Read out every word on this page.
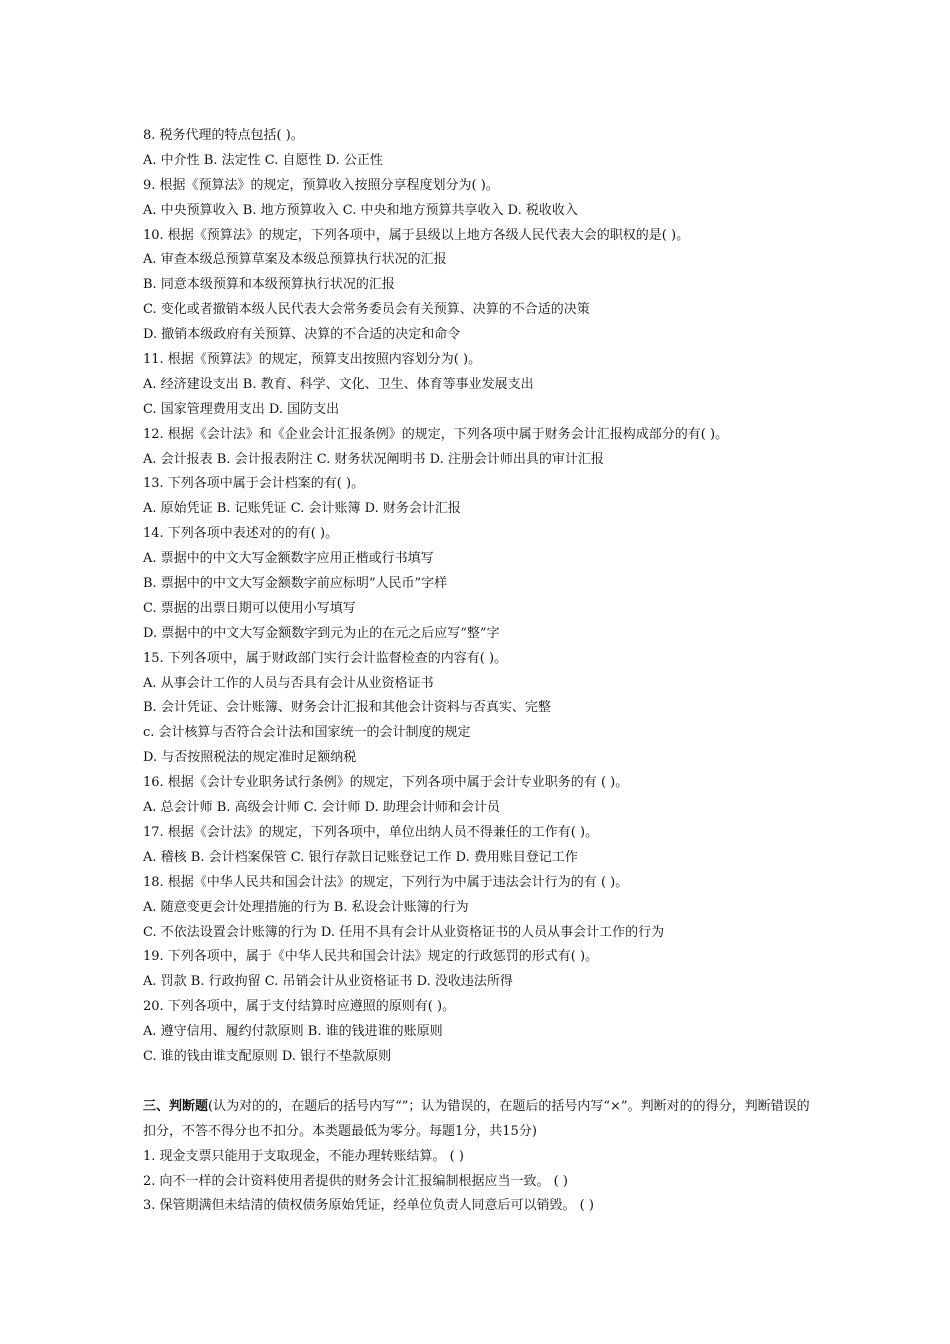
8. 税务代理的特点包括( )。
A. 中介性 B. 法定性 C. 自愿性 D. 公正性
9. 根据《预算法》的规定，预算收入按照分享程度划分为( )。
A. 中央预算收入 B. 地方预算收入 C. 中央和地方预算共享收入 D. 税收收入
10. 根据《预算法》的规定，下列各项中，属于县级以上地方各级人民代表大会的职权的是( )。
A. 审查本级总预算草案及本级总预算执行状况的汇报
B. 同意本级预算和本级预算执行状况的汇报
C. 变化或者撤销本级人民代表大会常务委员会有关预算、决算的不合适的决策
D. 撤销本级政府有关预算、决算的不合适的决定和命令
11. 根据《预算法》的规定，预算支出按照内容划分为( )。
A. 经济建设支出 B. 教育、科学、文化、卫生、体育等事业发展支出
C. 国家管理费用支出 D. 国防支出
12. 根据《会计法》和《企业会计汇报条例》的规定，下列各项中属于财务会计汇报构成部分的有( )。
A. 会计报表 B. 会计报表附注 C. 财务状况阐明书 D. 注册会计师出具的审计汇报
13. 下列各项中属于会计档案的有( )。
A. 原始凭证 B. 记账凭证 C. 会计账簿 D. 财务会计汇报
14. 下列各项中表述对的的有( )。
A. 票据中的中文大写金额数字应用正楷或行书填写
B. 票据中的中文大写金额数字前应标明“人民币”字样
C. 票据的出票日期可以使用小写填写
D. 票据中的中文大写金额数字到元为止的在元之后应写“整”字
15. 下列各项中，属于财政部门实行会计监督检查的内容有( )。
A. 从事会计工作的人员与否具有会计从业资格证书
B. 会计凭证、会计账簿、财务会计汇报和其他会计资料与否真实、完整
c. 会计核算与否符合会计法和国家统一的会计制度的规定
D. 与否按照税法的规定准时足额纳税
16. 根据《会计专业职务试行条例》的规定，下列各项中属于会计专业职务的有 ( )。
A. 总会计师 B. 高级会计师 C. 会计师 D. 助理会计师和会计员
17. 根据《会计法》的规定，下列各项中，单位出纳人员不得兼任的工作有( )。
A. 稽核 B. 会计档案保管 C. 银行存款日记账登记工作 D. 费用账目登记工作
18. 根据《中华人民共和国会计法》的规定，下列行为中属于违法会计行为的有 ( )。
A. 随意变更会计处理措施的行为 B. 私设会计账簿的行为
C. 不依法设置会计账簿的行为 D. 任用不具有会计从业资格证书的人员从事会计工作的行为
19. 下列各项中，属于《中华人民共和国会计法》规定的行政惩罚的形式有( )。
A. 罚款 B. 行政拘留 C. 吊销会计从业资格证书 D. 没收违法所得
20. 下列各项中，属于支付结算时应遵照的原则有( )。
A. 遵守信用、履约付款原则 B. 谁的钱进谁的账原则
C. 谁的钱由谁支配原则 D. 银行不垫款原则
三、判断题(认为对的的，在题后的括号内写“”；认为错误的，在题后的括号内写“×”。判断对的的得分，判断错误的扣分，不答不得分也不扣分。本类题最低为零分。每题1分，共15分)
1. 现金支票只能用于支取现金，不能办理转账结算。 ( )
2. 向不一样的会计资料使用者提供的财务会计汇报编制根据应当一致。 ( )
3. 保管期满但未结清的债权债务原始凭证，经单位负责人同意后可以销毁。 ( )
